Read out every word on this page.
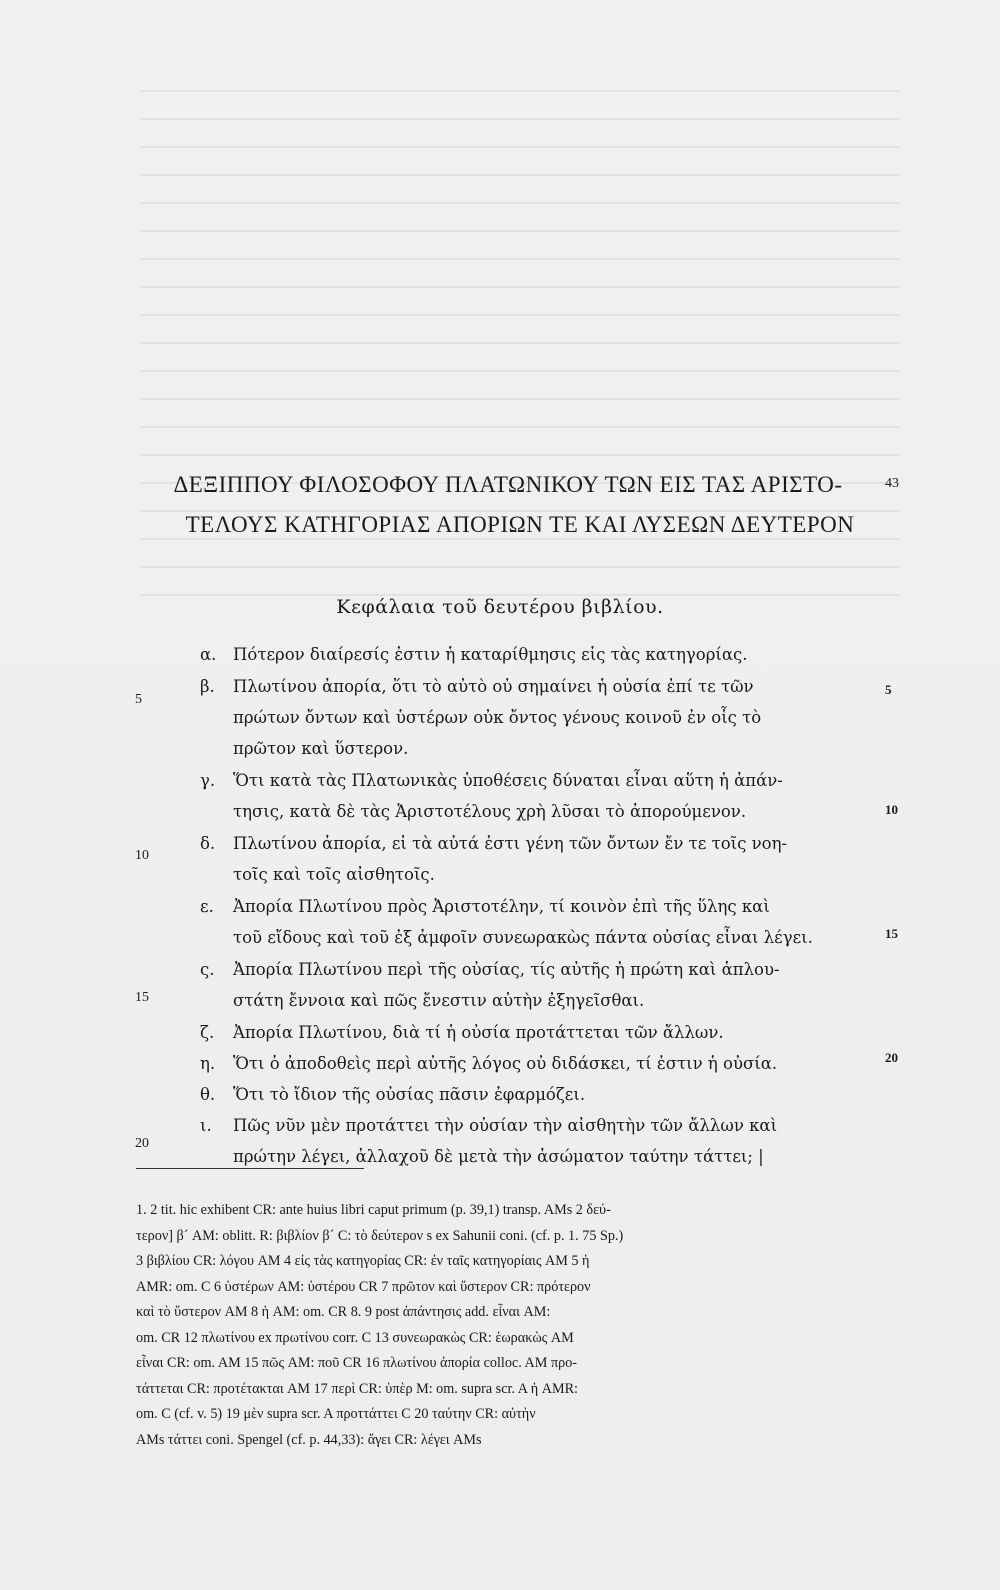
ΔΕΞΙΠΠΟΥ ΦΙΛΟΣΟΦΟΥ ΠΛΑΤΩΝΙΚΟΥ ΤΩΝ ΕΙΣ ΤΑΣ ΑΡΙΣΤΟ-	43
ΤΕΛΟΥΣ ΚΑΤΗΓΟΡΙΑΣ ΑΠΟΡΙΩΝ ΤΕ ΚΑΙ ΛΥΣΕΩΝ ΔΕΥΤΕΡΟΝ
Κεφάλαια τοῦ δευτέρου βιβλίου.
α.	Πότερον διαίρεσίς ἐστιν ἡ καταρίθμησις εἰς τὰς κατηγορίας.
β.	Πλωτίνου ἀπορία, ὅτι τὸ αὐτὸ οὐ σημαίνει ἡ οὐσία ἐπί τε τῶν
πρώτων ὄντων καὶ ὑστέρων οὐκ ὄντος γένους κοινοῦ ἐν οἷς τὸ
πρῶτον καὶ ὕστερον.
γ.	Ὅτι κατὰ τὰς Πλατωνικὰς ὑποθέσεις δύναται εἶναι αὕτη ἡ ἀπάν-
τησις, κατὰ δὲ τὰς Ἀριστοτέλους χρὴ λῦσαι τὸ ἀπορούμενον.
δ.	Πλωτίνου ἀπορία, εἰ τὰ αὐτά ἐστι γένη τῶν ὄντων ἔν τε τοῖς νοη-
τοῖς καὶ τοῖς αἰσθητοῖς.
ε.	Ἀπορία Πλωτίνου πρὸς Ἀριστοτέλην, τί κοινὸν ἐπὶ τῆς ὕλης καὶ
τοῦ εἴδους καὶ τοῦ ἐξ ἀμφοῖν συνεωρακὼς πάντα οὐσίας εἶναι λέγει.
ς.	Ἀπορία Πλωτίνου περὶ τῆς οὐσίας, τίς αὐτῆς ἡ πρώτη καὶ ἁπλου-
στάτη ἔννοια καὶ πῶς ἔνεστιν αὐτὴν ἐξηγεῖσθαι.
ζ.	Ἀπορία Πλωτίνου, διὰ τί ἡ οὐσία προτάττεται τῶν ἄλλων.
η.	Ὅτι ὁ ἀποδοθεὶς περὶ αὐτῆς λόγος οὐ διδάσκει, τί ἐστιν ἡ οὐσία.
θ.	Ὅτι τὸ ἴδιον τῆς οὐσίας πᾶσιν ἐφαρμόζει.
ι.	Πῶς νῦν μὲν προτάττει τὴν οὐσίαν τὴν αἰσθητὴν τῶν ἄλλων καὶ
πρώτην λέγει, ἀλλαχοῦ δὲ μετὰ τὴν ἀσώματον ταύτην τάττει; |
5
10
15
20
5
10
15
20
1. 2 tit. hic exhibent CR: ante huius libri caput primum (p. 39,1) transp. AMs 2 δεύ-
τερον] β´ AM: oblitt. R: βιβλίον β´ C: τὸ δεύτερον s ex Sahunii coni. (cf. p. 1. 75 Sp.)
3 βιβλίου CR: λόγου AM 4 εἰς τὰς κατηγορίας CR: ἐν ταῖς κατηγορίαις AM 5 ἡ
AMR: om. C 6 ὑστέρων AM: ὑστέρου CR 7 πρῶτον καὶ ὕστερον CR: πρότερον
καὶ τὸ ὕστερον AM 8 ἡ AM: om. CR 8. 9 post ἀπάντησις add. εἶναι AM:
om. CR 12 πλωτίνου ex πρωτίνου corr. C 13 συνεωρακὼς CR: ἑωρακὼς AM
εἶναι CR: om. AM 15 πῶς AM: ποῦ CR 16 πλωτίνου ἀπορία colloc. AM προ-
τάττεται CR: προτέτακται AM 17 περὶ CR: ὑπὲρ M: om. supra scr. A ἡ AMR:
om. C (cf. v. 5) 19 μὲν supra scr. A προττάττει C 20 ταύτην CR: αὐτὴν
AMs τάττει coni. Spengel (cf. p. 44,33): ἄγει CR: λέγει AMs
